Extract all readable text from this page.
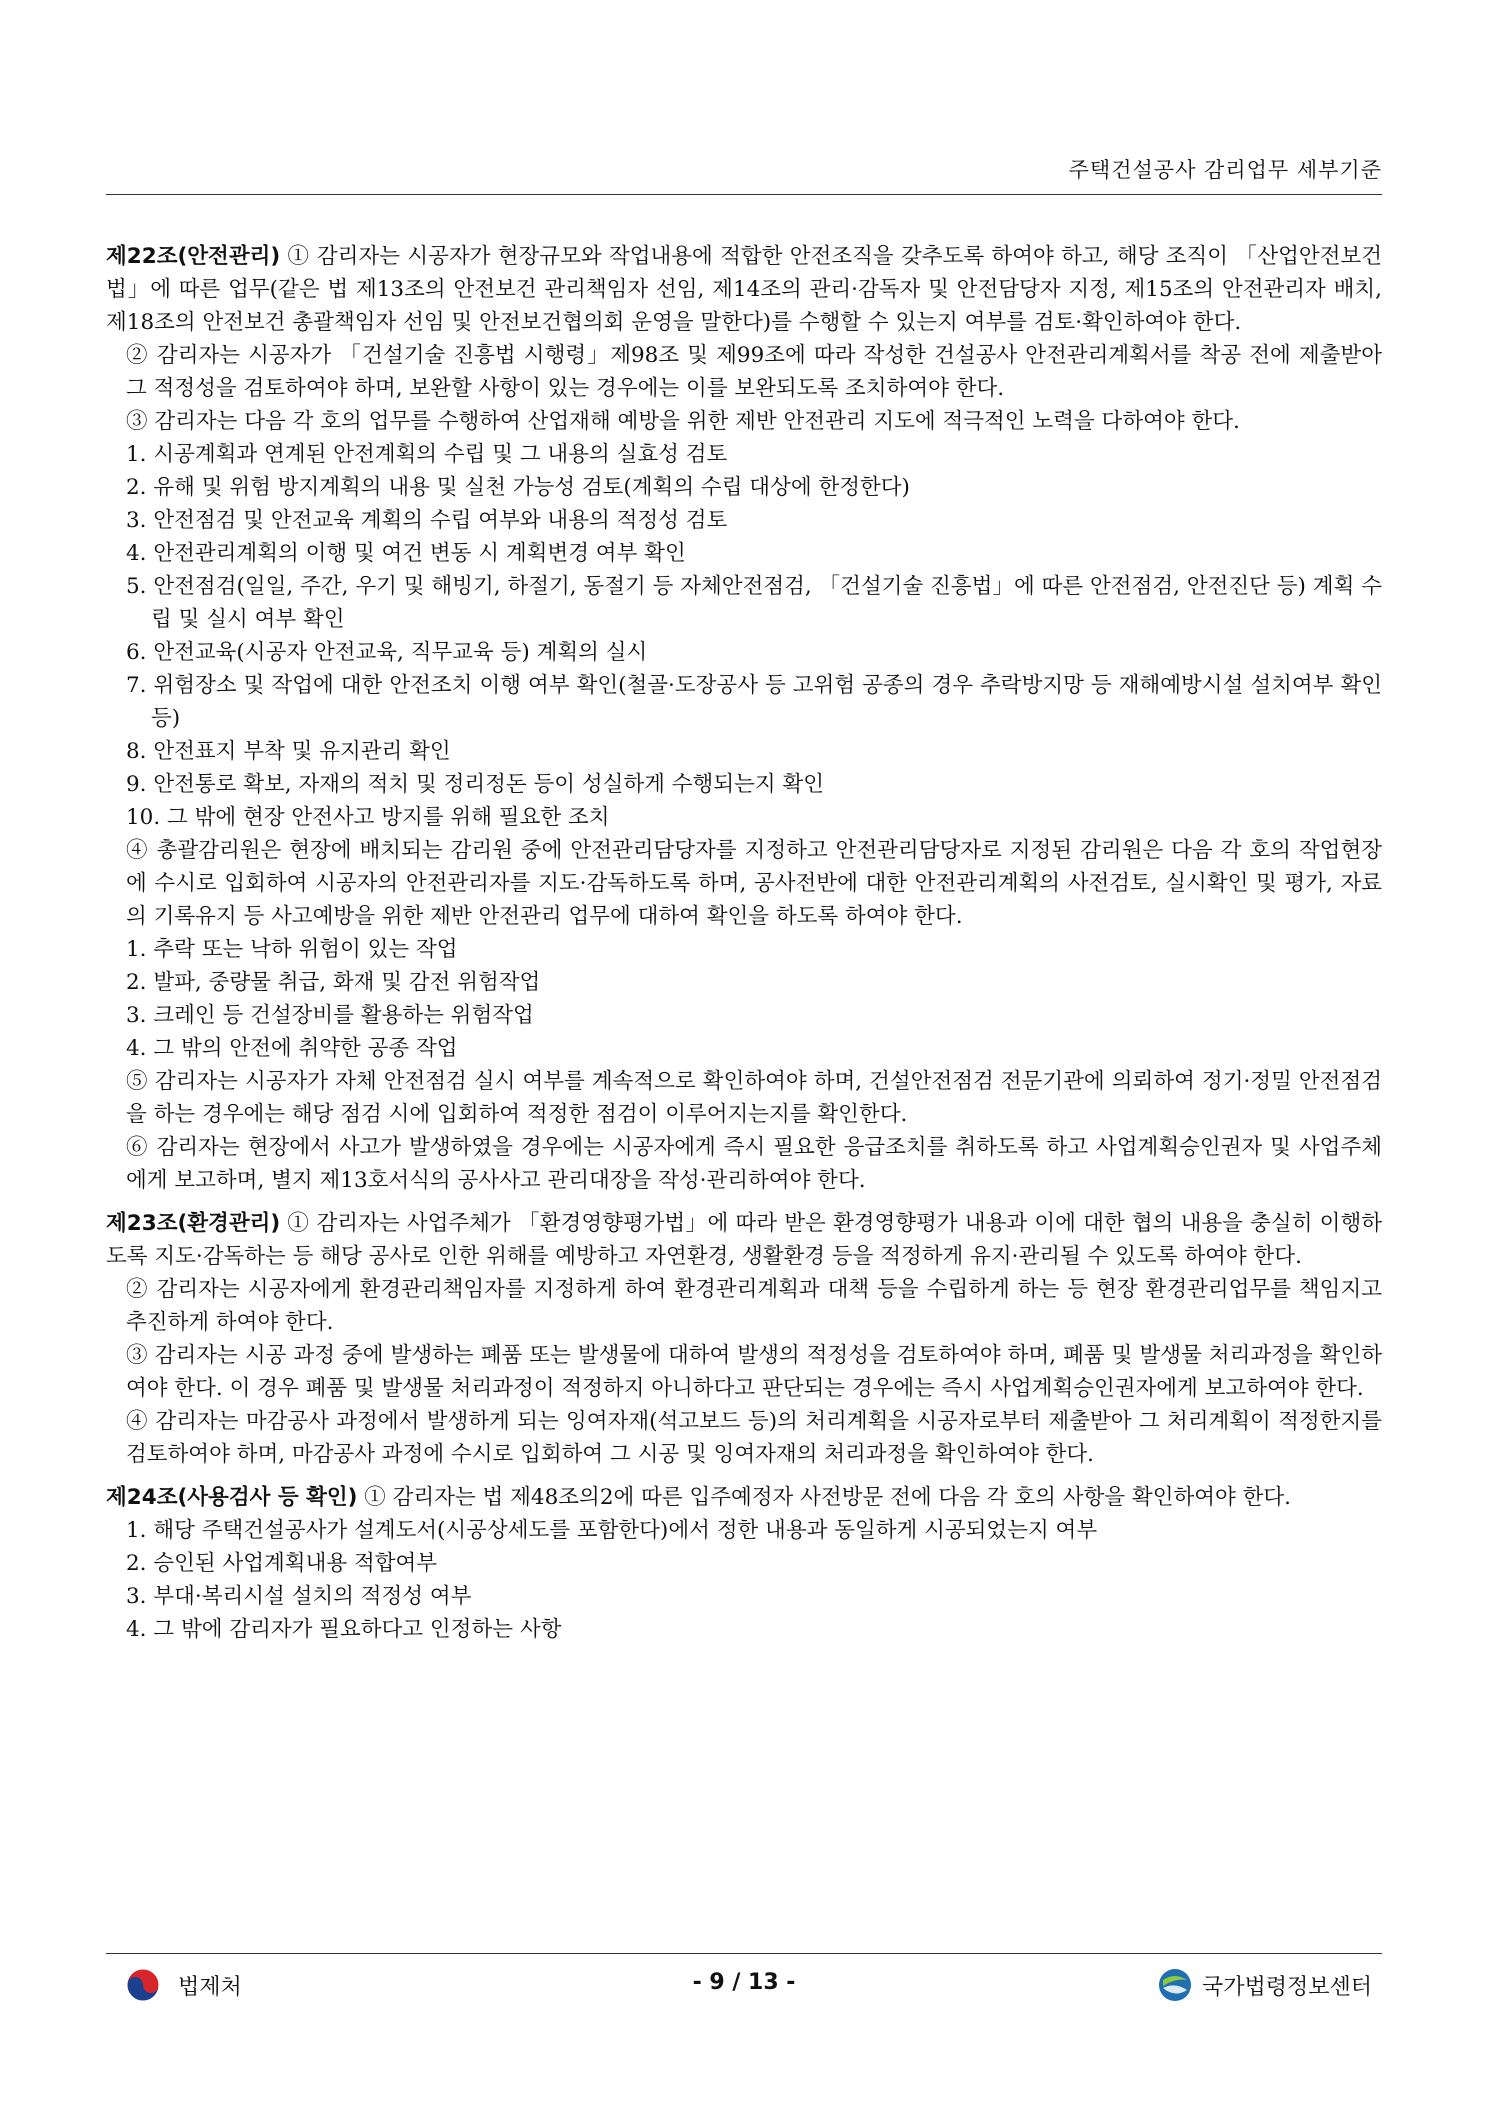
주택건설공사 감리업무 세부기준

제22조(안전관리) ① 감리자는 시공자가 현장규모와 작업내용에 적합한 안전조직을 갖추도록 하여야 하고, 해당 조직이 「산업안전보건법」에 따른 업무(같은 법 제13조의 안전보건 관리책임자 선임, 제14조의 관리·감독자 및 안전담당자 지정, 제15조의 안전관리자 배치, 제18조의 안전보건 총괄책임자 선임 및 안전보건협의회 운영을 말한다)를 수행할 수 있는지 여부를 검토·확인하여야 한다.

② 감리자는 시공자가 「건설기술 진흥법 시행령」제98조 및 제99조에 따라 작성한 건설공사 안전관리계획서를 착공 전에 제출받아 그 적정성을 검토하여야 하며, 보완할 사항이 있는 경우에는 이를 보완되도록 조치하여야 한다.

③ 감리자는 다음 각 호의 업무를 수행하여 산업재해 예방을 위한 제반 안전관리 지도에 적극적인 노력을 다하여야 한다.

1. 시공계획과 연계된 안전계획의 수립 및 그 내용의 실효성 검토

2. 유해 및 위험 방지계획의 내용 및 실천 가능성 검토(계획의 수립 대상에 한정한다)

3. 안전점검 및 안전교육 계획의 수립 여부와 내용의 적정성 검토

4. 안전관리계획의 이행 및 여건 변동 시 계획변경 여부 확인

5. 안전점검(일일, 주간, 우기 및 해빙기, 하절기, 동절기 등 자체안전점검, 「건설기술 진흥법」에 따른 안전점검, 안전진단 등) 계획 수립 및 실시 여부 확인

6. 안전교육(시공자 안전교육, 직무교육 등) 계획의 실시

7. 위험장소 및 작업에 대한 안전조치 이행 여부 확인(철골·도장공사 등 고위험 공종의 경우 추락방지망 등 재해예방시설 설치여부 확인 등)

8. 안전표지 부착 및 유지관리 확인

9. 안전통로 확보, 자재의 적치 및 정리정돈 등이 성실하게 수행되는지 확인

10. 그 밖에 현장 안전사고 방지를 위해 필요한 조치

④ 총괄감리원은 현장에 배치되는 감리원 중에 안전관리담당자를 지정하고 안전관리담당자로 지정된 감리원은 다음 각 호의 작업현장에 수시로 입회하여 시공자의 안전관리자를 지도·감독하도록 하며, 공사전반에 대한 안전관리계획의 사전검토, 실시확인 및 평가, 자료의 기록유지 등 사고예방을 위한 제반 안전관리 업무에 대하여 확인을 하도록 하여야 한다.

1. 추락 또는 낙하 위험이 있는 작업

2. 발파, 중량물 취급, 화재 및 감전 위험작업

3. 크레인 등 건설장비를 활용하는 위험작업

4. 그 밖의 안전에 취약한 공종 작업

⑤ 감리자는 시공자가 자체 안전점검 실시 여부를 계속적으로 확인하여야 하며, 건설안전점검 전문기관에 의뢰하여 정기·정밀 안전점검을 하는 경우에는 해당 점검 시에 입회하여 적정한 점검이 이루어지는지를 확인한다.

⑥ 감리자는 현장에서 사고가 발생하였을 경우에는 시공자에게 즉시 필요한 응급조치를 취하도록 하고 사업계획승인권자 및 사업주체에게 보고하며, 별지 제13호서식의 공사사고 관리대장을 작성·관리하여야 한다.

제23조(환경관리) ① 감리자는 사업주체가 「환경영향평가법」에 따라 받은 환경영향평가 내용과 이에 대한 협의 내용을 충실히 이행하도록 지도·감독하는 등 해당 공사로 인한 위해를 예방하고 자연환경, 생활환경 등을 적정하게 유지·관리될 수 있도록 하여야 한다.

② 감리자는 시공자에게 환경관리책임자를 지정하게 하여 환경관리계획과 대책 등을 수립하게 하는 등 현장 환경관리업무를 책임지고 추진하게 하여야 한다.

③ 감리자는 시공 과정 중에 발생하는 폐품 또는 발생물에 대하여 발생의 적정성을 검토하여야 하며, 폐품 및 발생물 처리과정을 확인하여야 한다. 이 경우 폐품 및 발생물 처리과정이 적정하지 아니하다고 판단되는 경우에는 즉시 사업계획승인권자에게 보고하여야 한다.

④ 감리자는 마감공사 과정에서 발생하게 되는 잉여자재(석고보드 등)의 처리계획을 시공자로부터 제출받아 그 처리계획이 적정한지를 검토하여야 하며, 마감공사 과정에 수시로 입회하여 그 시공 및 잉여자재의 처리과정을 확인하여야 한다.

제24조(사용검사 등 확인) ① 감리자는 법 제48조의2에 따른 입주예정자 사전방문 전에 다음 각 호의 사항을 확인하여야 한다.

1. 해당 주택건설공사가 설계도서(시공상세도를 포함한다)에서 정한 내용과 동일하게 시공되었는지 여부

2. 승인된 사업계획내용 적합여부

3. 부대·복리시설 설치의 적정성 여부

4. 그 밖에 감리자가 필요하다고 인정하는 사항

법제처	- 9 / 13 -	국가법령정보센터
